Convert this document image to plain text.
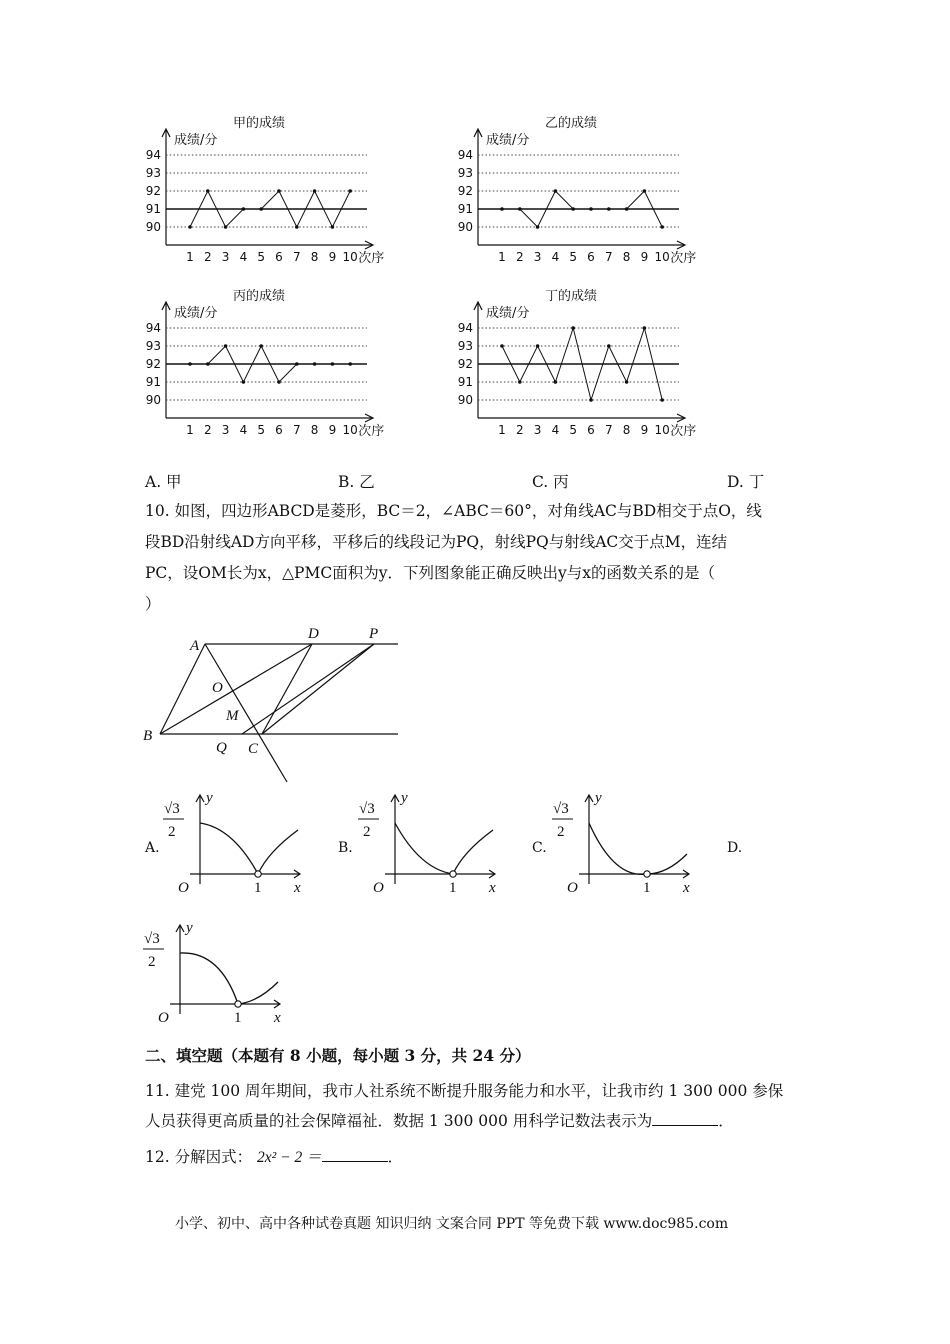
甲的成绩
成绩/分
90
91
92
93
94
1 2 3 4 5 6 7 8 9 10 次序
乙的成绩
成绩/分
90
91
92
93
94
1 2 3 4 5 6 7 8 9 10 次序
丙的成绩
成绩/分
90
91
92
93
94
1 2 3 4 5 6 7 8 9 10 次序
丁的成绩
成绩/分
90
91
92
93
94
1 2 3 4 5 6 7 8 9 10 次序
A. 甲	B. 乙	C. 丙	D. 丁
10. 如图，四边形ABCD是菱形，BC＝2，∠ABC＝60°，对角线AC与BD相交于点O，线
段BD沿射线AD方向平移，平移后的线段记为PQ，射线PQ与射线AC交于点M，连结
PC，设OM长为x，△PMC面积为y．下列图象能正确反映出y与x的函数关系的是（
）
A
D	P
B
O
M
Q C
A.	B.	C.	D.
√3
2
O	1 x
y
√3
2
O	1 x
y
√3
2
O	1 x
y
√3
2
O	1 x
y
二、填空题（本题有 8 小题，每小题 3 分，共 24 分）
11. 建党 100 周年期间，我市人社系统不断提升服务能力和水平，让我市约 1 300 000 参保
人员获得更高质量的社会保障福祉．数据 1 300 000 用科学记数法表示为	．
12. 分解因式： 2x² − 2 ＝	．
小学、初中、高中各种试卷真题 知识归纳 文案合同 PPT 等免费下载 www.doc985.com
